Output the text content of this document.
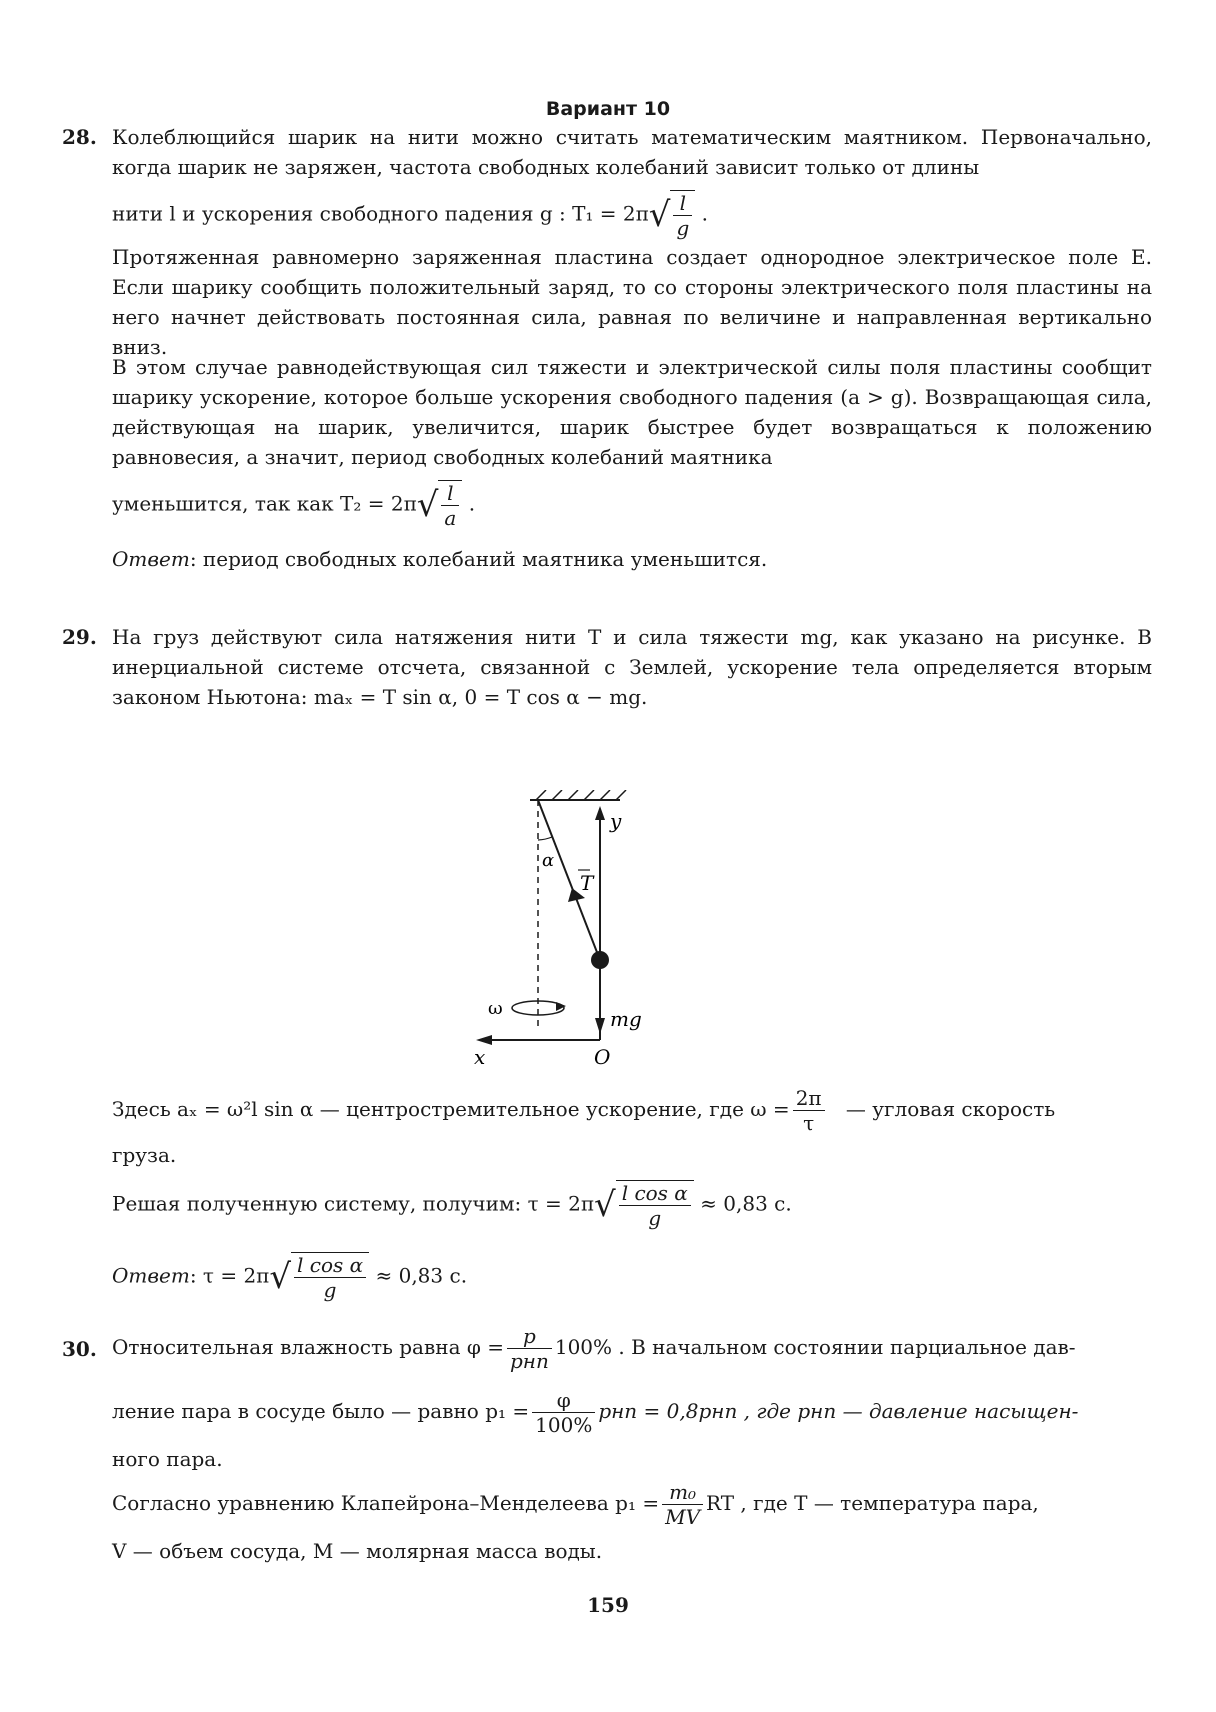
Вариант 10
28. Колеблющийся шарик на нити можно считать математическим маятником. Первоначально, когда шарик не заряжен, частота свободных колебаний зависит только от длины
нити l и ускорения свободного падения g : $T_1 = 2\pi√ \frac{l}{g}$ .
Протяженная равномерно заряженная пластина создает однородное электрическое поле E. Если шарику сообщить положительный заряд, то со стороны электрического поля пластины на него начнет действовать постоянная сила, равная по величине и направленная вертикально вниз.
В этом случае равнодействующая сил тяжести и электрической силы поля пластины сообщит шарику ускорение, которое больше ускорения свободного падения (a > g). Возвращающая сила, действующая на шарик, увеличится, шарик быстрее будет возвращаться к положению равновесия, а значит, период свободных колебаний маятника
уменьшится, так как $T_2 = 2\pi√ \frac{l}{a}$ .
Ответ: период свободных колебаний маятника уменьшится.
29. На груз действуют сила натяжения нити T и сила тяжести mg, как указано на рисунке. В инерциальной системе отсчета, связанной с Землей, ускорение тела определяется вторым законом Ньютона: maₓ = T sin α, 0 = T cos α − mg.
α
T
y
mg
x	O
ω
Здесь aₓ = ω²l sin α — центростремительное ускорение, где $\omega = \frac{2\pi}{\tau}$ — угловая скорость
груза.
Решая полученную систему, получим: $\tau = 2\pi√ \frac{\text{l cos α}}{g} \approx 0,83$ с.
Ответ: $\tau = 2\pi√ \frac{\text{l cos α}}{g} \approx 0,83$ с.
30. Относительная влажность равна $\varphi = \frac{p}{\text{pнп}} 100\%$ . В начальном состоянии парциальное дав-
ление пара в сосуде было — равно $p_1 = \frac{\varphi}{100\%}$ pнп = 0,8pнп , где pнп — давление насыщен-
ного пара.
Согласно уравнению Клапейрона–Менделеева $p_1 = \frac{\text{m₀}}{MV}$ RT , где T — температура пара,
V — объем сосуда, M — молярная масса воды.
159
